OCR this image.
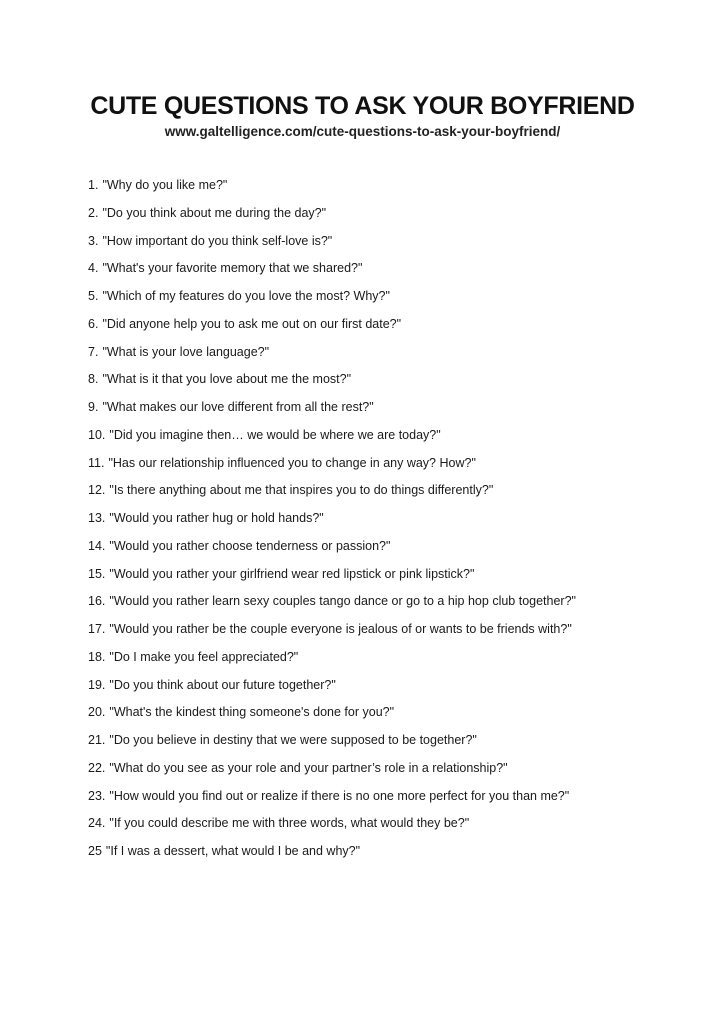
CUTE QUESTIONS TO ASK YOUR BOYFRIEND

www.galtelligence.com/cute-questions-to-ask-your-boyfriend/

1. "Why do you like me?"
2. "Do you think about me during the day?"
3. "How important do you think self-love is?"
4. "What's your favorite memory that we shared?"
5. "Which of my features do you love the most? Why?"
6. "Did anyone help you to ask me out on our first date?"
7. "What is your love language?"
8. "What is it that you love about me the most?"
9. "What makes our love different from all the rest?"
10. "Did you imagine then… we would be where we are today?"
11. "Has our relationship influenced you to change in any way? How?"
12. "Is there anything about me that inspires you to do things differently?"
13. "Would you rather hug or hold hands?"
14. "Would you rather choose tenderness or passion?"
15. "Would you rather your girlfriend wear red lipstick or pink lipstick?"
16. "Would you rather learn sexy couples tango dance or go to a hip hop club together?"
17. "Would you rather be the couple everyone is jealous of or wants to be friends with?"
18. "Do I make you feel appreciated?"
19. "Do you think about our future together?"
20. "What's the kindest thing someone's done for you?"
21. "Do you believe in destiny that we were supposed to be together?"
22. "What do you see as your role and your partner’s role in a relationship?"
23. "How would you find out or realize if there is no one more perfect for you than me?"
24. "If you could describe me with three words, what would they be?"
25 "If I was a dessert, what would I be and why?"
